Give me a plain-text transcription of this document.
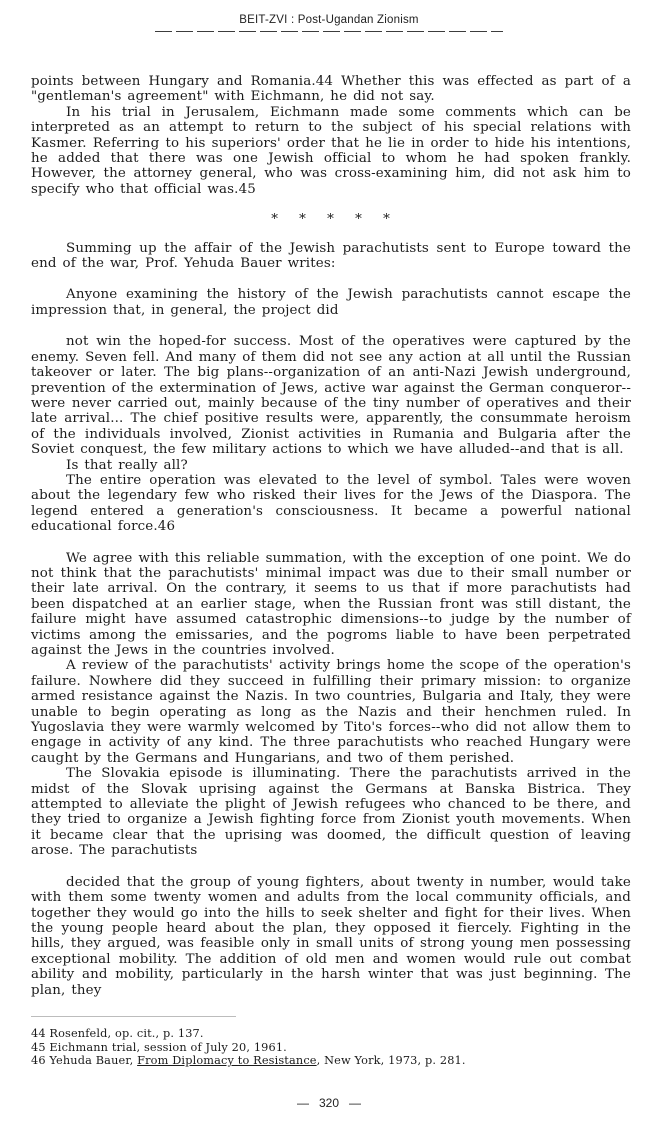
BEIT-ZVI : Post-Ugandan Zionism

points between Hungary and Romania.44 Whether this was effected as part of a "gentleman's agreement" with Eichmann, he did not say.

In his trial in Jerusalem, Eichmann made some comments which can be interpreted as an attempt to return to the subject of his special relations with Kasmer. Referring to his superiors' order that he lie in order to hide his intentions, he added that there was one Jewish official to whom he had spoken frankly. However, the attorney general, who was cross-examining him, did not ask him to specify who that official was.45

*   *   *   *   *

Summing up the affair of the Jewish parachutists sent to Europe toward the end of the war, Prof. Yehuda Bauer writes:

Anyone examining the history of the Jewish parachutists cannot escape the impression that, in general, the project did

not win the hoped-for success. Most of the operatives were captured by the enemy. Seven fell. And many of them did not see any action at all until the Russian takeover or later. The big plans--organization of an anti-Nazi Jewish underground, prevention of the extermination of Jews, active war against the German conqueror--were never carried out, mainly because of the tiny number of operatives and their late arrival... The chief positive results were, apparently, the consummate heroism of the individuals involved, Zionist activities in Rumania and Bulgaria after the Soviet conquest, the few military actions to which we have alluded--and that is all.

Is that really all?

The entire operation was elevated to the level of symbol. Tales were woven about the legendary few who risked their lives for the Jews of the Diaspora. The legend entered a generation's consciousness. It became a powerful national educational force.46

We agree with this reliable summation, with the exception of one point. We do not think that the parachutists' minimal impact was due to their small number or their late arrival. On the contrary, it seems to us that if more parachutists had been dispatched at an earlier stage, when the Russian front was still distant, the failure might have assumed catastrophic dimensions--to judge by the number of victims among the emissaries, and the pogroms liable to have been perpetrated against the Jews in the countries involved.

A review of the parachutists' activity brings home the scope of the operation's failure. Nowhere did they succeed in fulfilling their primary mission: to organize armed resistance against the Nazis. In two countries, Bulgaria and Italy, they were unable to begin operating as long as the Nazis and their henchmen ruled. In Yugoslavia they were warmly welcomed by Tito's forces--who did not allow them to engage in activity of any kind. The three parachutists who reached Hungary were caught by the Germans and Hungarians, and two of them perished.

The Slovakia episode is illuminating. There the parachutists arrived in the midst of the Slovak uprising against the Germans at Banska Bistrica. They attempted to alleviate the plight of Jewish refugees who chanced to be there, and they tried to organize a Jewish fighting force from Zionist youth movements. When it became clear that the uprising was doomed, the difficult question of leaving arose. The parachutists

decided that the group of young fighters, about twenty in number, would take with them some twenty women and adults from the local community officials, and together they would go into the hills to seek shelter and fight for their lives. When the young people heard about the plan, they opposed it fiercely. Fighting in the hills, they argued, was feasible only in small units of strong young men possessing exceptional mobility. The addition of old men and women would rule out combat ability and mobility, particularly in the harsh winter that was just beginning. The plan, they

44 Rosenfeld, op. cit., p. 137.
45 Eichmann trial, session of July 20, 1961.
46 Yehuda Bauer, From Diplomacy to Resistance, New York, 1973, p. 281.
—   320   —
